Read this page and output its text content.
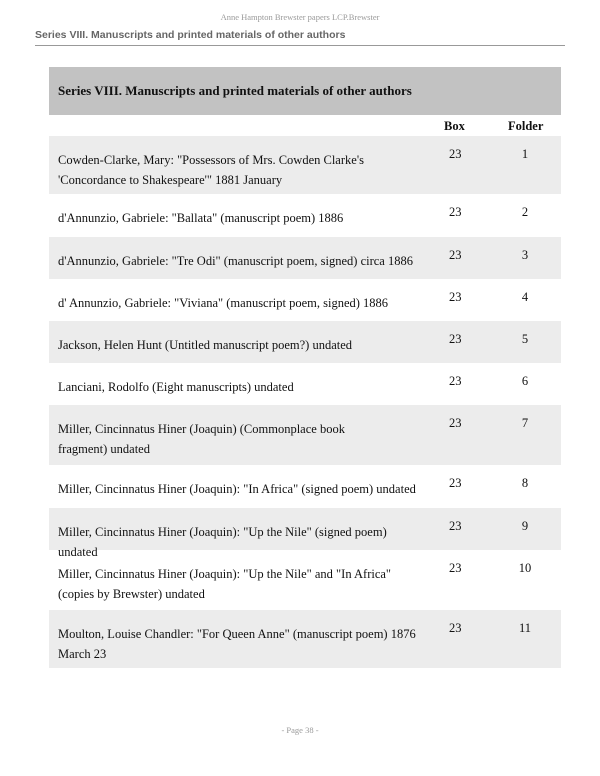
Anne Hampton Brewster papers LCP.Brewster
Series VIII. Manuscripts and printed materials of other authors
Series VIII. Manuscripts and printed materials of other authors
Box	Folder
Cowden-Clarke, Mary: "Possessors of Mrs. Cowden Clarke's 'Concordance to Shakespeare'" 1881 January
23	1
d'Annunzio, Gabriele: "Ballata" (manuscript poem) 1886	23	2
d'Annunzio, Gabriele: "Tre Odi" (manuscript poem, signed) circa 1886	23	3
d' Annunzio, Gabriele: "Viviana" (manuscript poem, signed) 1886	23	4
Jackson, Helen Hunt (Untitled manuscript poem?) undated	23	5
Lanciani, Rodolfo (Eight manuscripts) undated	23	6
Miller, Cincinnatus Hiner (Joaquin) (Commonplace book fragment) undated
23	7
Miller, Cincinnatus Hiner (Joaquin): "In Africa" (signed poem) undated	23	8
Miller, Cincinnatus Hiner (Joaquin): "Up the Nile" (signed poem) undated
23	9
Miller, Cincinnatus Hiner (Joaquin): "Up the Nile" and "In Africa" (copies by Brewster) undated
23	10
Moulton, Louise Chandler: "For Queen Anne" (manuscript poem) 1876 March 23
23	11
- Page 38 -
